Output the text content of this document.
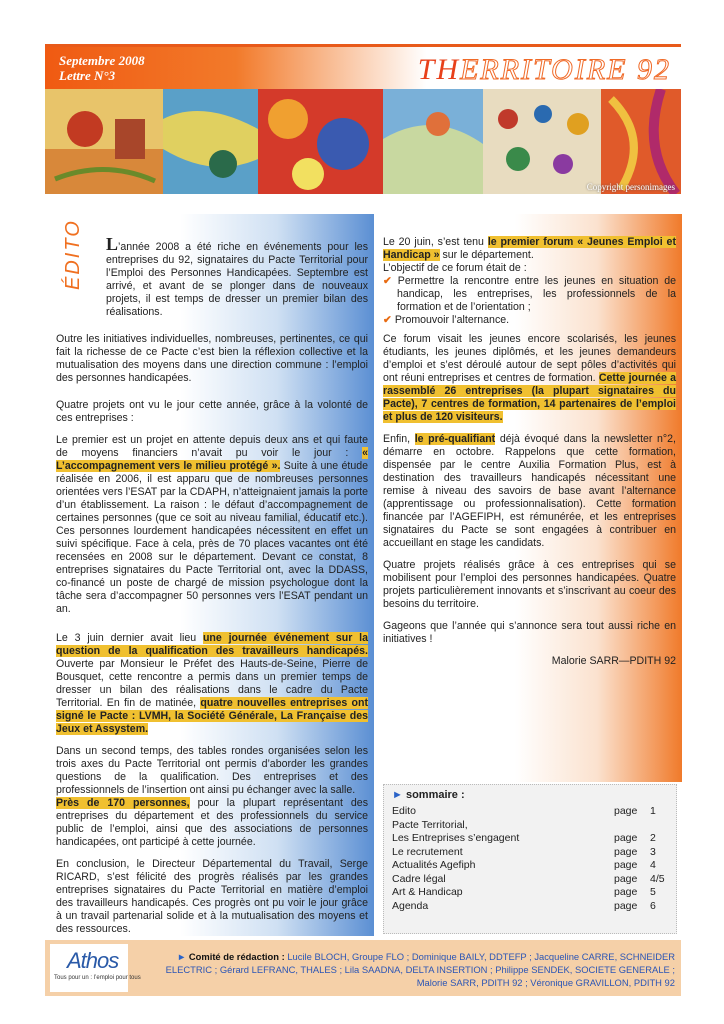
Septembre 2008
Lettre N°3	THERRITOIRE 92
Copyright personimages
ÉDITO L’année 2008 a été riche en événements pour les entreprises du 92, signataires du Pacte Territorial pour l’Emploi des Personnes Handicapées. Septembre est arrivé, et avant de se plonger dans de nouveaux projets, il est temps de dresser un premier bilan des réalisations.

Outre les initiatives individuelles, nombreuses, pertinentes, ce qui fait la richesse de ce Pacte c’est bien la réflexion collective et la mutualisation des moyens dans une direction commune : l’emploi des personnes handicapées.

Quatre projets ont vu le jour cette année, grâce à la volonté de ces entreprises :

Le premier est un projet en attente depuis deux ans et qui faute de moyens financiers n’avait pu voir le jour : « L’accompagnement vers le milieu protégé ». Suite à une étude réalisée en 2006, il est apparu que de nombreuses personnes orientées vers l’ESAT par la CDAPH, n’atteignaient jamais la porte d’un établissement. La raison : le défaut d’accompagnement de certaines personnes (que ce soit au niveau familial, éducatif etc.). Ces personnes lourdement handicapées nécessitent en effet un suivi spécifique. Face à cela, près de 70 places vacantes ont été recensées en 2008 sur le département. Devant ce constat, 8 entreprises signataires du Pacte Territorial ont, avec la DDASS, co-financé un poste de chargé de mission psychologue dont la tâche sera d’accompagner 50 personnes vers l’ESAT pendant un an.

Le 3 juin dernier avait lieu une journée événement sur la question de la qualification des travailleurs handicapés. Ouverte par Monsieur le Préfet des Hauts-de-Seine, Pierre de Bousquet, cette rencontre a permis dans un premier temps de dresser un bilan des réalisations dans le cadre du Pacte Territorial. En fin de matinée, quatre nouvelles entreprises ont signé le Pacte : LVMH, la Société Générale, La Française des Jeux et Assystem.

Dans un second temps, des tables rondes organisées selon les trois axes du Pacte Territorial ont permis d’aborder les grandes questions de la qualification. Des entreprises et des professionnels de l’insertion ont ainsi pu échanger avec la salle.

Près de 170 personnes, pour la plupart représentant des entreprises du département et des professionnels du service public de l’emploi, ainsi que des associations de personnes handicapées, ont participé à cette journée.

En conclusion, le Directeur Départemental du Travail, Serge RICARD, s’est félicité des progrès réalisés par les grandes entreprises signataires du Pacte Territorial en matière d’emploi des travailleurs handicapés. Ces progrès ont pu voir le jour grâce à un travail partenarial solide et à la mutualisation des moyens et des ressources.

Le 20 juin, s’est tenu le premier forum « Jeunes Emploi et Handicap » sur le département.

L’objectif de ce forum était de :

✔ Permettre la rencontre entre les jeunes en situation de handicap, les entreprises, les professionnels de la formation et de l’orientation ;
✔ Promouvoir l’alternance.

Ce forum visait les jeunes encore scolarisés, les jeunes étudiants, les jeunes diplômés, et les jeunes demandeurs d’emploi et s’est déroulé autour de sept pôles d’activités qui ont réuni entreprises et centres de formation. Cette journée a rassemblé 26 entreprises (la plupart signataires du Pacte), 7 centres de formation, 14 partenaires de l’emploi et plus de 120 visiteurs.

Enfin, le pré-qualifiant déjà évoqué dans la newsletter n°2, démarre en octobre. Rappelons que cette formation, dispensée par le centre Auxilia Formation Plus, est à destination des travailleurs handicapés nécessitant une remise à niveau des savoirs de base avant l’alternance (apprentissage ou professionnalisation). Cette formation financée par l’AGEFIPH, est rémunérée, et les entreprises signataires du Pacte se sont engagées à contribuer en accueillant en stage les candidats.

Quatre projets réalisés grâce à ces entreprises qui se mobilisent pour l’emploi des personnes handicapées. Quatre projets particulièrement innovants et s’inscrivant au coeur des besoins du territoire.

Gageons que l’année qui s’annonce sera tout aussi riche en initiatives !

Malorie SARR—PDITH 92

► sommaire :
Edito	page 1
Pacte Territorial,
Les Entreprises s’engagent	page 2
Le recrutement	page 3
Actualités Agefiph	page 4
Cadre légal	page 4/5
Art & Handicap	page 5
Agenda	page 6
Athos
Tous pour un : l’emploi pour tous
► Comité de rédaction : Lucile BLOCH, Groupe FLO ; Dominique BAILY, DDTEFP ; Jacqueline CARRE, SCHNEIDER ELECTRIC ; Gérard LEFRANC, THALES ; Lila SAADNA, DELTA INSERTION ; Philippe SENDEK, SOCIETE GENERALE ; Malorie SARR, PDITH 92 ; Véronique GRAVILLON, PDITH 92
